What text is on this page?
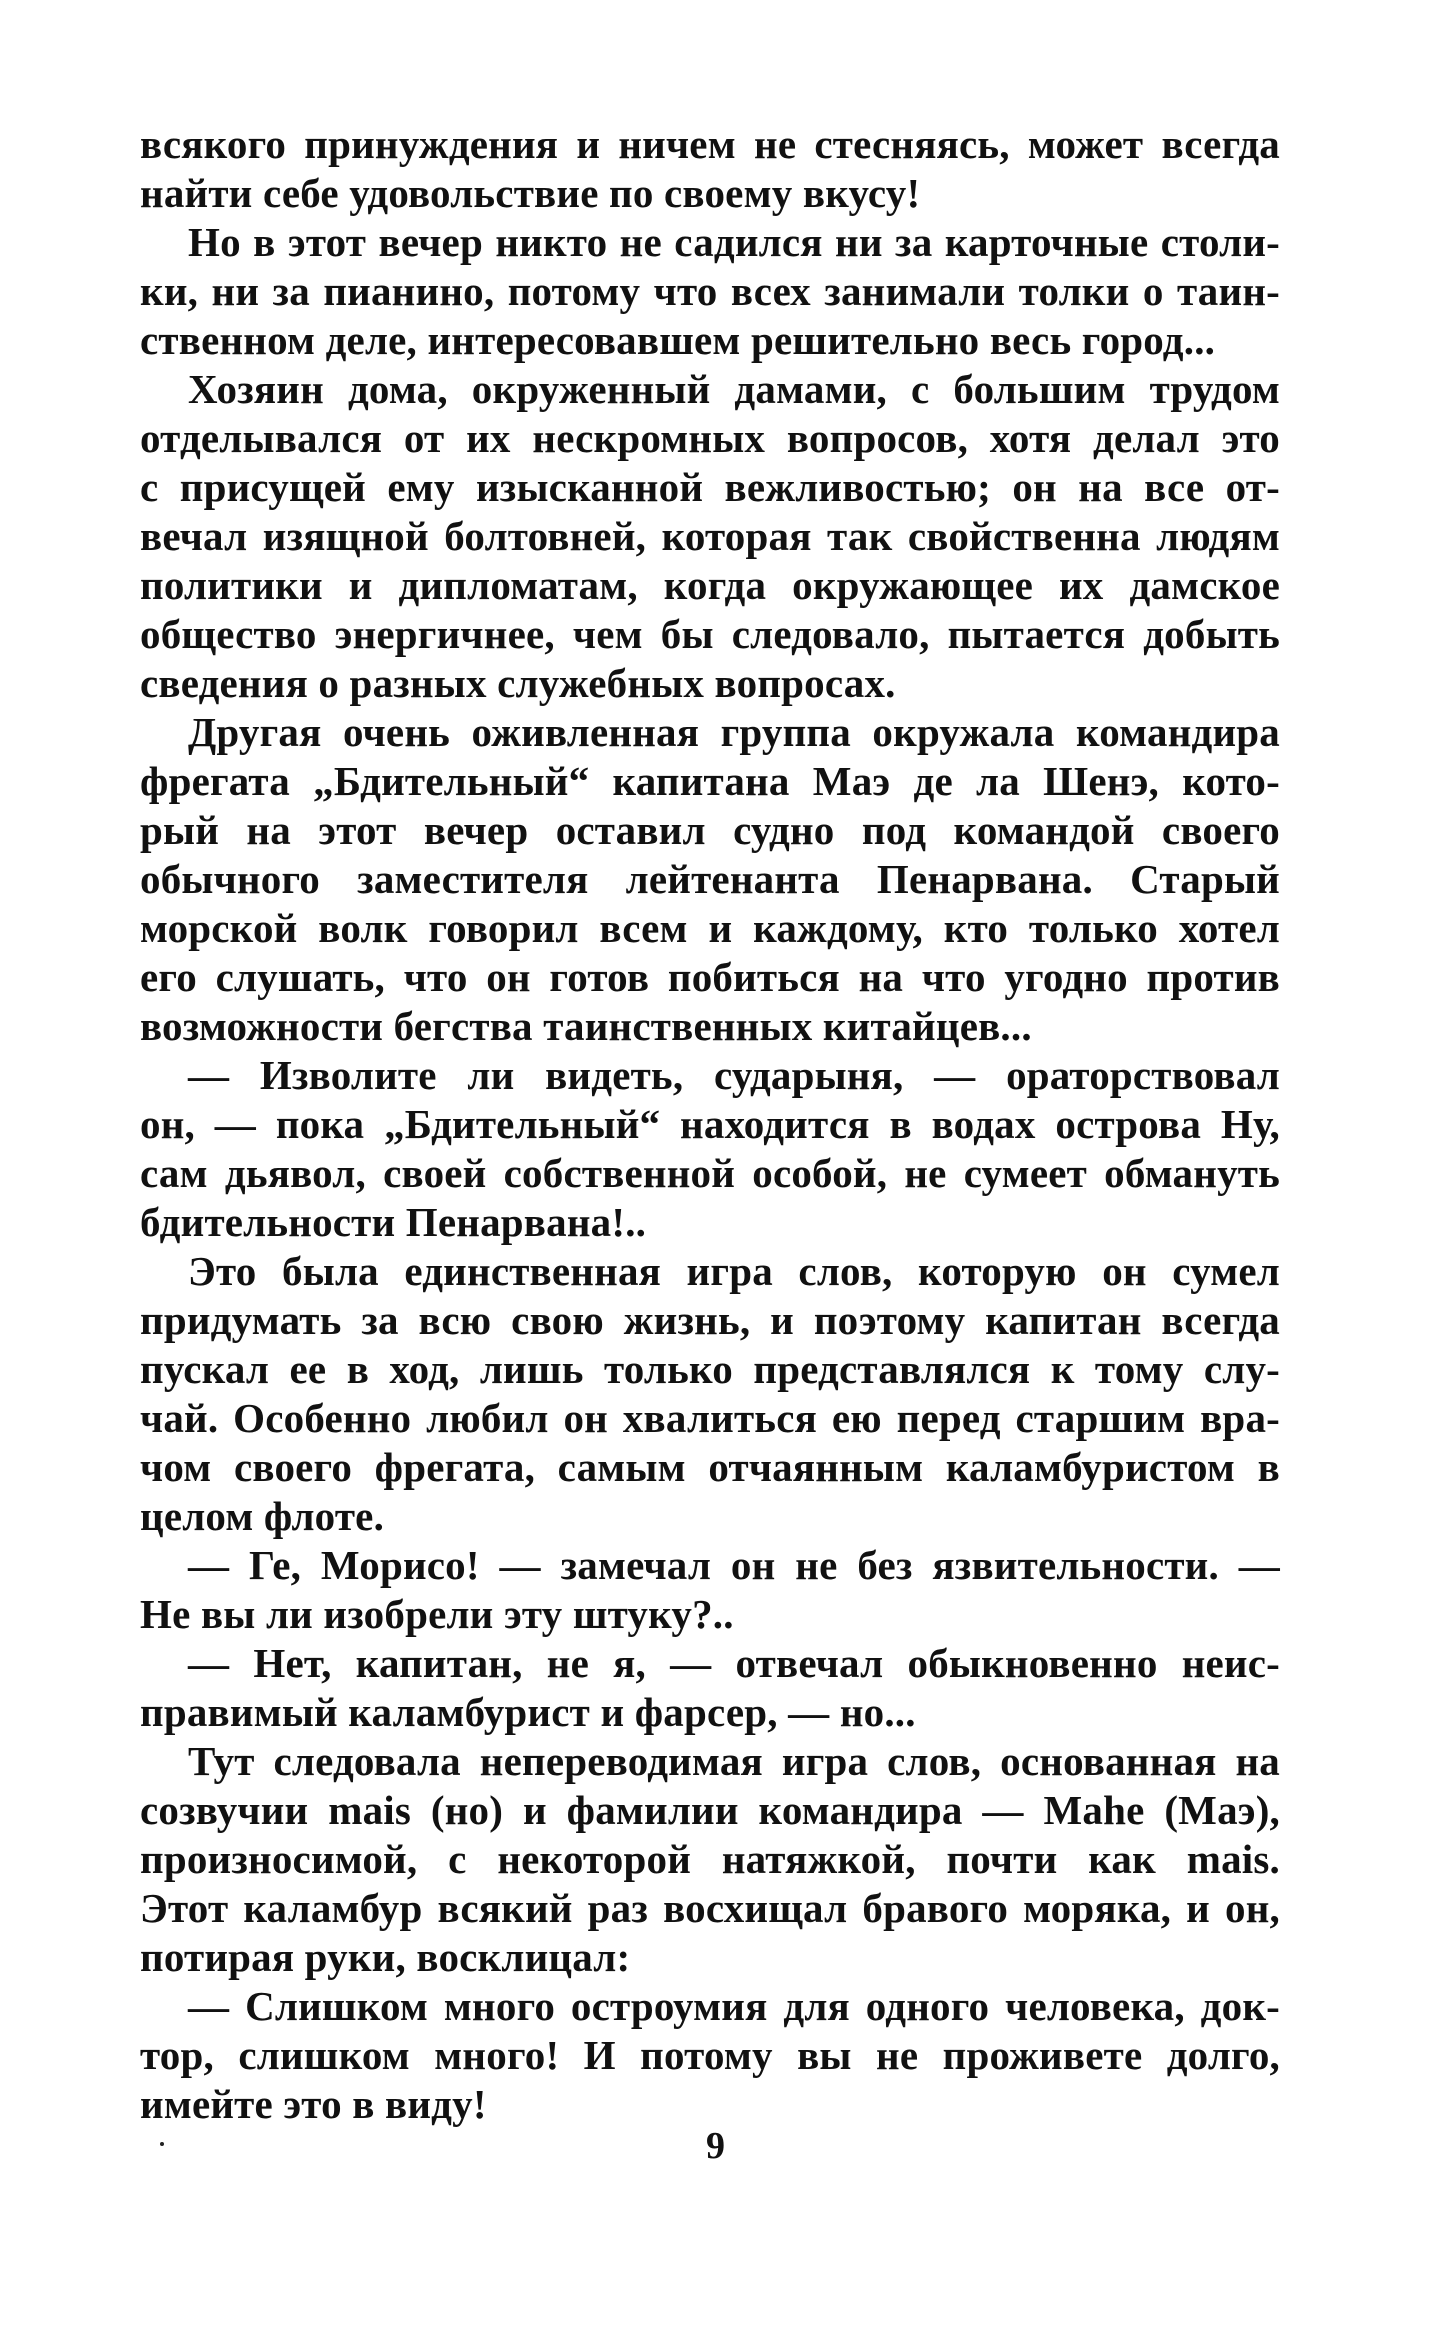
всякого принуждения и ничем не стесняясь, может всегда
найти себе удовольствие по своему вкусу!
Но в этот вечер никто не садился ни за карточные столи-
ки, ни за пианино, потому что всех занимали толки о таин-
ственном деле, интересовавшем решительно весь город...
Хозяин дома, окруженный дамами, с большим трудом
отделывался от их нескромных вопросов, хотя делал это
с присущей ему изысканной вежливостью; он на все от-
вечал изящной болтовней, которая так свойственна людям
политики и дипломатам, когда окружающее их дамское
общество энергичнее, чем бы следовало, пытается добыть
сведения о разных служебных вопросах.
Другая очень оживленная группа окружала командира
фрегата „Бдительный“ капитана Маэ де ла Шенэ, кото-
рый на этот вечер оставил судно под командой своего
обычного заместителя лейтенанта Пенарвана. Старый
морской волк говорил всем и каждому, кто только хотел
его слушать, что он готов побиться на что угодно против
возможности бегства таинственных китайцев...
— Изволите ли видеть, сударыня, — ораторствовал
он, — пока „Бдительный“ находится в водах острова Ну,
сам дьявол, своей собственной особой, не сумеет обмануть
бдительности Пенарвана!..
Это была единственная игра слов, которую он сумел
придумать за всю свою жизнь, и поэтому капитан всегда
пускал ее в ход, лишь только представлялся к тому слу-
чай. Особенно любил он хвалиться ею перед старшим вра-
чом своего фрегата, самым отчаянным каламбуристом в
целом флоте.
— Ге, Морисо! — замечал он не без язвительности. —
Не вы ли изобрели эту штуку?..
— Нет, капитан, не я, — отвечал обыкновенно неис-
правимый каламбурист и фарсер, — но...
Тут следовала непереводимая игра слов, основанная на
созвучии mais (но) и фамилии командира — Mahe (Маэ),
произносимой, с некоторой натяжкой, почти как mais.
Этот каламбур всякий раз восхищал бравого моряка, и он,
потирая руки, восклицал:
— Слишком много остроумия для одного человека, док-
тор, слишком много! И потому вы не проживете долго,
имейте это в виду!
9
